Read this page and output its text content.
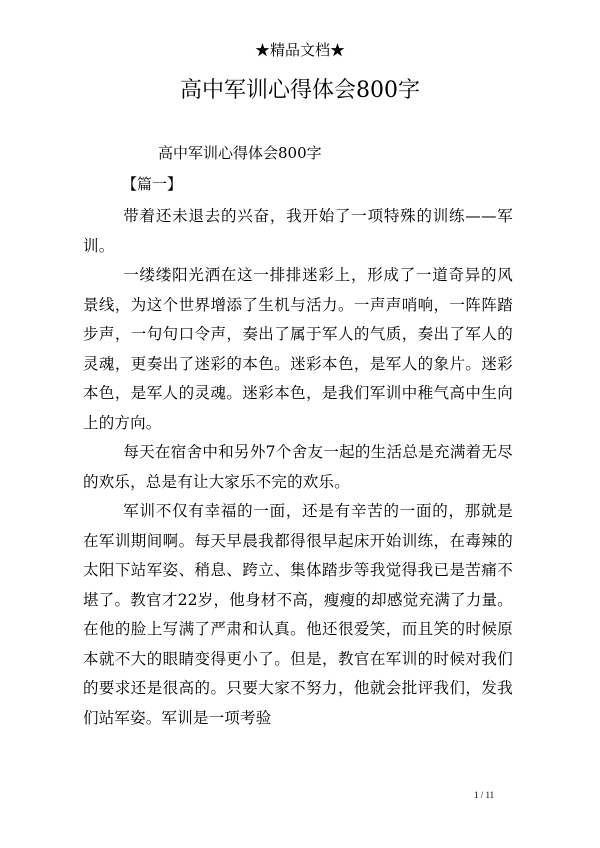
★精品文档★
高中军训心得体会800字
高中军训心得体会800字
【篇一】

带着还未退去的兴奋，我开始了一项特殊的训练——军训。

一缕缕阳光洒在这一排排迷彩上，形成了一道奇异的风景线，为这个世界增添了生机与活力。一声声哨响，一阵阵踏步声，一句句口令声，奏出了属于军人的气质，奏出了军人的灵魂，更奏出了迷彩的本色。迷彩本色，是军人的象片。迷彩本色，是军人的灵魂。迷彩本色，是我们军训中稚气高中生向上的方向。

每天在宿舍中和另外7个舍友一起的生活总是充满着无尽的欢乐，总是有让大家乐不完的欢乐。

军训不仅有幸福的一面，还是有辛苦的一面的，那就是在军训期间啊。每天早晨我都得很早起床开始训练，在毒辣的太阳下站军姿、稍息、跨立、集体踏步等我觉得我已是苦痛不堪了。教官才22岁，他身材不高，瘦瘦的却感觉充满了力量。在他的脸上写满了严肃和认真。他还很爱笑，而且笑的时候原本就不大的眼睛变得更小了。但是，教官在军训的时候对我们的要求还是很高的。只要大家不努力，他就会批评我们，发我们站军姿。军训是一项考验

1 / 11
